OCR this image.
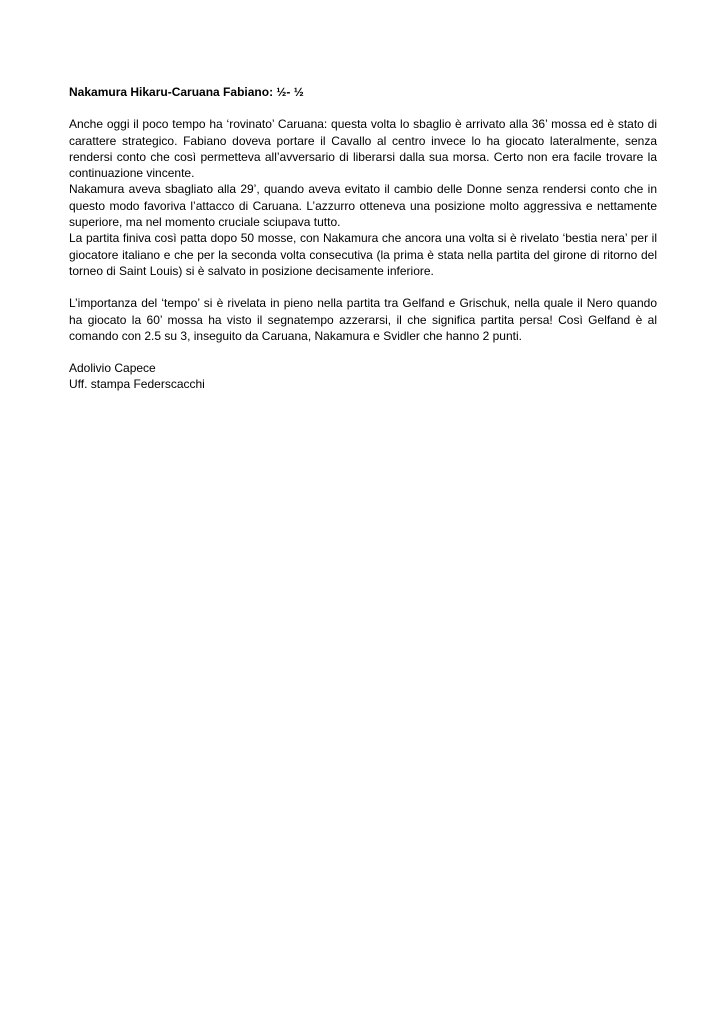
Nakamura Hikaru-Caruana Fabiano: ½- ½

Anche oggi il poco tempo ha ‘rovinato’ Caruana: questa volta lo sbaglio è arrivato alla 36’ mossa ed è stato di carattere strategico. Fabiano doveva portare il Cavallo al centro invece lo ha giocato lateralmente, senza rendersi conto che così permetteva all’avversario di liberarsi dalla sua morsa. Certo non era facile trovare la continuazione vincente.

Nakamura aveva sbagliato alla 29’, quando aveva evitato il cambio delle Donne senza rendersi conto che in questo modo favoriva l’attacco di Caruana. L’azzurro otteneva una posizione molto aggressiva e nettamente superiore, ma nel momento cruciale sciupava tutto.

La partita finiva così patta dopo 50 mosse, con Nakamura che ancora una volta si è rivelato ‘bestia nera’ per il giocatore italiano e che per la seconda volta consecutiva (la prima è stata nella partita del girone di ritorno del torneo di Saint Louis) si è salvato in posizione decisamente inferiore.

L’importanza del ‘tempo’ si è rivelata in pieno nella partita tra Gelfand e Grischuk, nella quale il Nero quando ha giocato la 60’ mossa ha visto il segnatempo azzerarsi, il che significa partita persa! Così Gelfand è al comando con 2.5 su 3, inseguito da Caruana, Nakamura e Svidler che hanno 2 punti.

Adolivio Capece

Uff. stampa Federscacchi
